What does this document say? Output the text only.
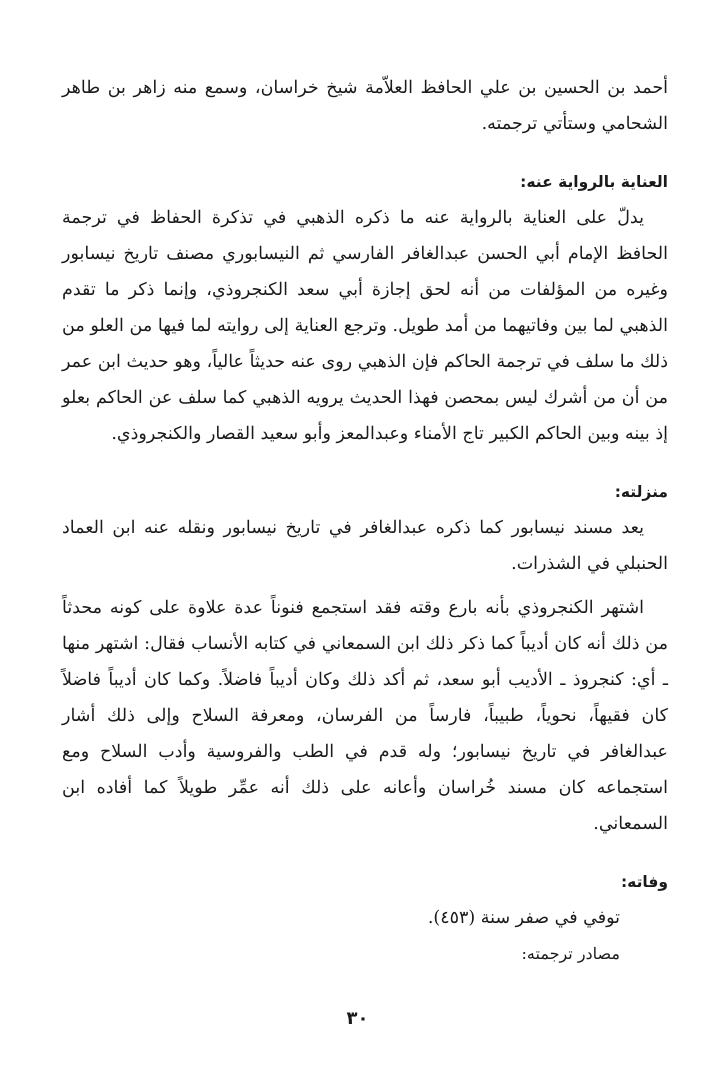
أحمد بن الحسين بن علي الحافظ العلاّمة شيخ خراسان، وسمع منه زاهر بن طاهر الشحامي وستأتي ترجمته.

العناية بالرواية عنه:

يدلّ على العناية بالرواية عنه ما ذكره الذهبي في تذكرة الحفاظ في ترجمة الحافظ الإمام أبي الحسن عبدالغافر الفارسي ثم النيسابوري مصنف تاريخ نيسابور وغيره من المؤلفات من أنه لحق إجازة أبي سعد الكنجروذي، وإنما ذكر ما تقدم الذهبي لما بين وفاتيهما من أمد طويل. وترجع العناية إلى روايته لما فيها من العلو من ذلك ما سلف في ترجمة الحاكم فإن الذهبي روى عنه حديثاً عالياً، وهو حديث ابن عمر من أن من أشرك ليس بمحصن فهذا الحديث يرويه الذهبي كما سلف عن الحاكم بعلو إذ بينه وبين الحاكم الكبير تاج الأمناء وعبدالمعز وأبو سعيد القصار والكنجروذي.

منزلته:

يعد مسند نيسابور كما ذكره عبدالغافر في تاريخ نيسابور ونقله عنه ابن العماد الحنبلي في الشذرات.

اشتهر الكنجروذي بأنه بارع وقته فقد استجمع فنوناً عدة علاوة على كونه محدثاً من ذلك أنه كان أديباً كما ذكر ذلك ابن السمعاني في كتابه الأنساب فقال: اشتهر منها ـ أي: كنجروذ ـ الأديب أبو سعد، ثم أكد ذلك وكان أديباً فاضلاً. وكما كان أديباً فاضلاً كان فقيهاً، نحوياً، طبيباً، فارساً من الفرسان، ومعرفة السلاح وإلى ذلك أشار عبدالغافر في تاريخ نيسابور؛ وله قدم في الطب والفروسية وأدب السلاح ومع استجماعه كان مسند خُراسان وأعانه على ذلك أنه عمِّر طويلاً كما أفاده ابن السمعاني.

وفاته:

توفي في صفر سنة (٤٥٣).

مصادر ترجمته:

٣٠
